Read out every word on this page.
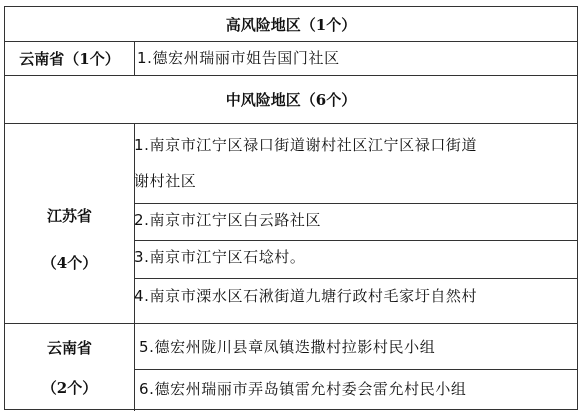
高风险地区（1个）
云南省（1个）	1.德宏州瑞丽市姐告国门社区
中风险地区（6个）
江苏省
（4个）
1.南京市江宁区禄口街道谢村社区江宁区禄口街道
谢村社区
2.南京市江宁区白云路社区
3.南京市江宁区石埝村。
4.南京市溧水区石湫街道九塘行政村毛家圩自然村
云南省
（2个）
5.德宏州陇川县章凤镇迭撒村拉影村民小组
6.德宏州瑞丽市弄岛镇雷允村委会雷允村民小组
